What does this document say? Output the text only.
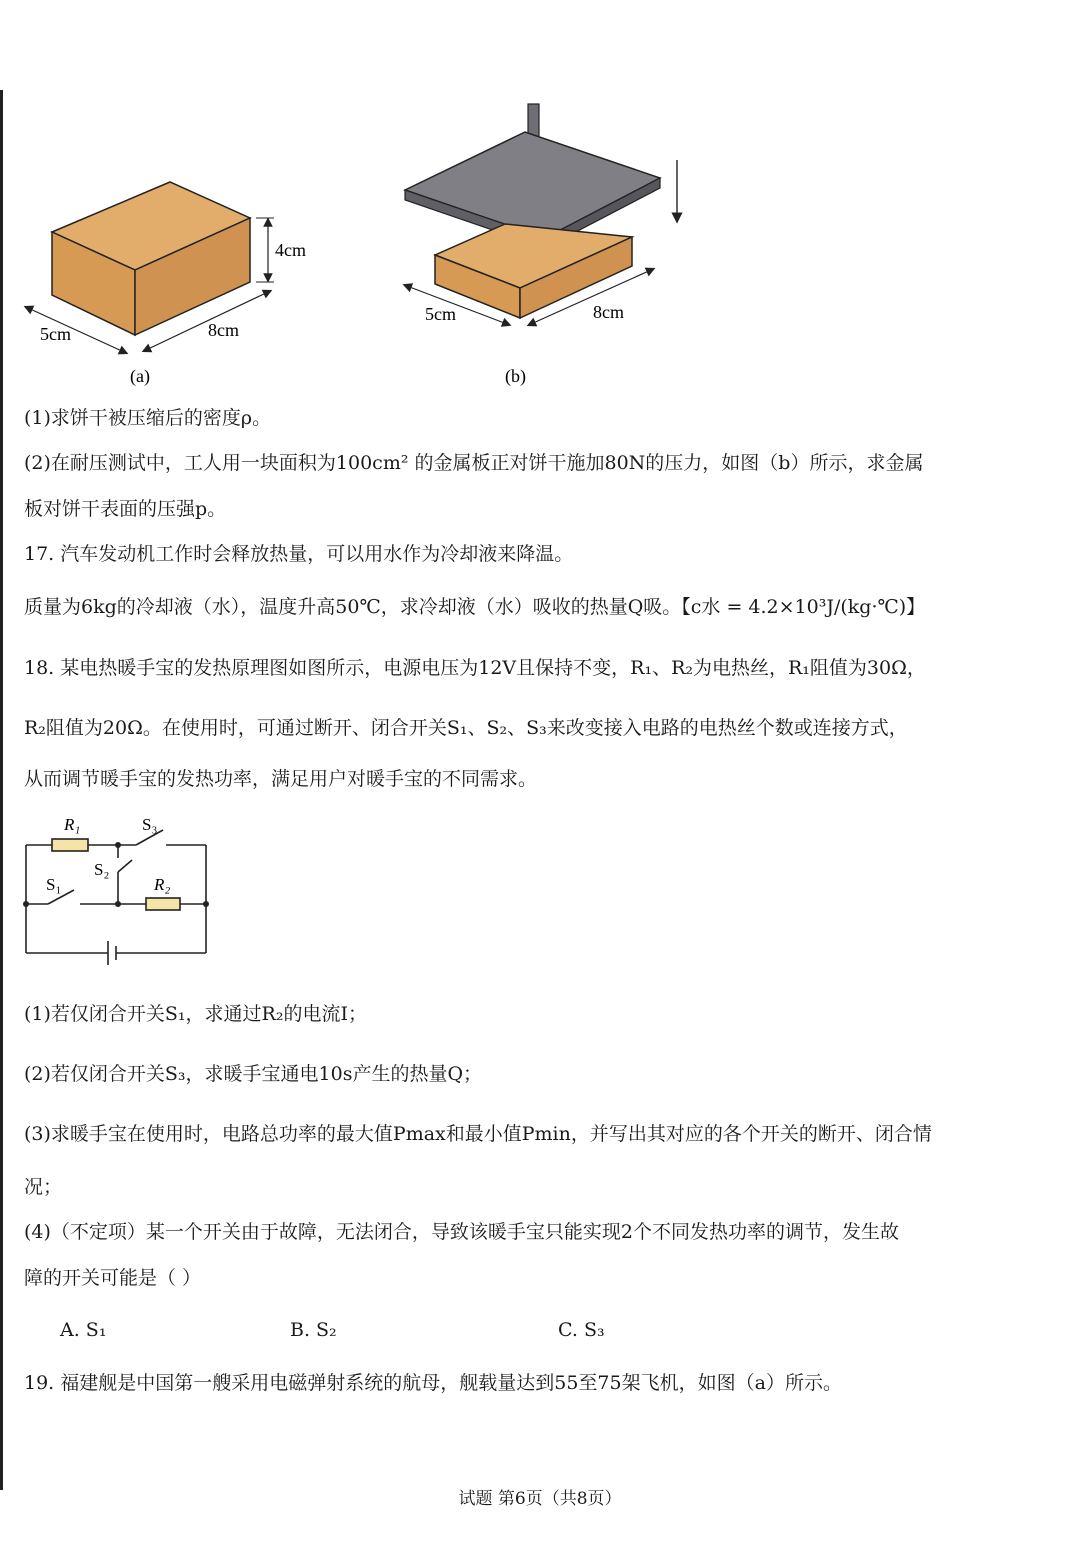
4cm
5cm	8cm
(a)
5cm	8cm
(b)
(1)求饼干被压缩后的密度ρ。
(2)在耐压测试中，工人用一块面积为100cm² 的金属板正对饼干施加80N的压力，如图（b）所示，求金属
板对饼干表面的压强p。
17. 汽车发动机工作时会释放热量，可以用水作为冷却液来降温。
质量为6kg的冷却液（水），温度升高50℃，求冷却液（水）吸收的热量Q吸。【c水 = 4.2×10³J/(kg·℃)】
18. 某电热暖手宝的发热原理图如图所示，电源电压为12V且保持不变，R₁、R₂为电热丝，R₁阻值为30Ω，
R₂阻值为20Ω。在使用时，可通过断开、闭合开关S₁、S₂、S₃来改变接入电路的电热丝个数或连接方式，
从而调节暖手宝的发热功率，满足用户对暖手宝的不同需求。
R₁	S₃
S₂
S₁	R₂
(1)若仅闭合开关S₁，求通过R₂的电流I；
(2)若仅闭合开关S₃，求暖手宝通电10s产生的热量Q；
(3)求暖手宝在使用时，电路总功率的最大值Pmax和最小值Pmin，并写出其对应的各个开关的断开、闭合情
况；
(4)（不定项）某一个开关由于故障，无法闭合，导致该暖手宝只能实现2个不同发热功率的调节，发生故
障的开关可能是（ ）
A. S₁	B. S₂	C. S₃
19. 福建舰是中国第一艘采用电磁弹射系统的航母，舰载量达到55至75架飞机，如图（a）所示。
试题 第6页（共8页）
